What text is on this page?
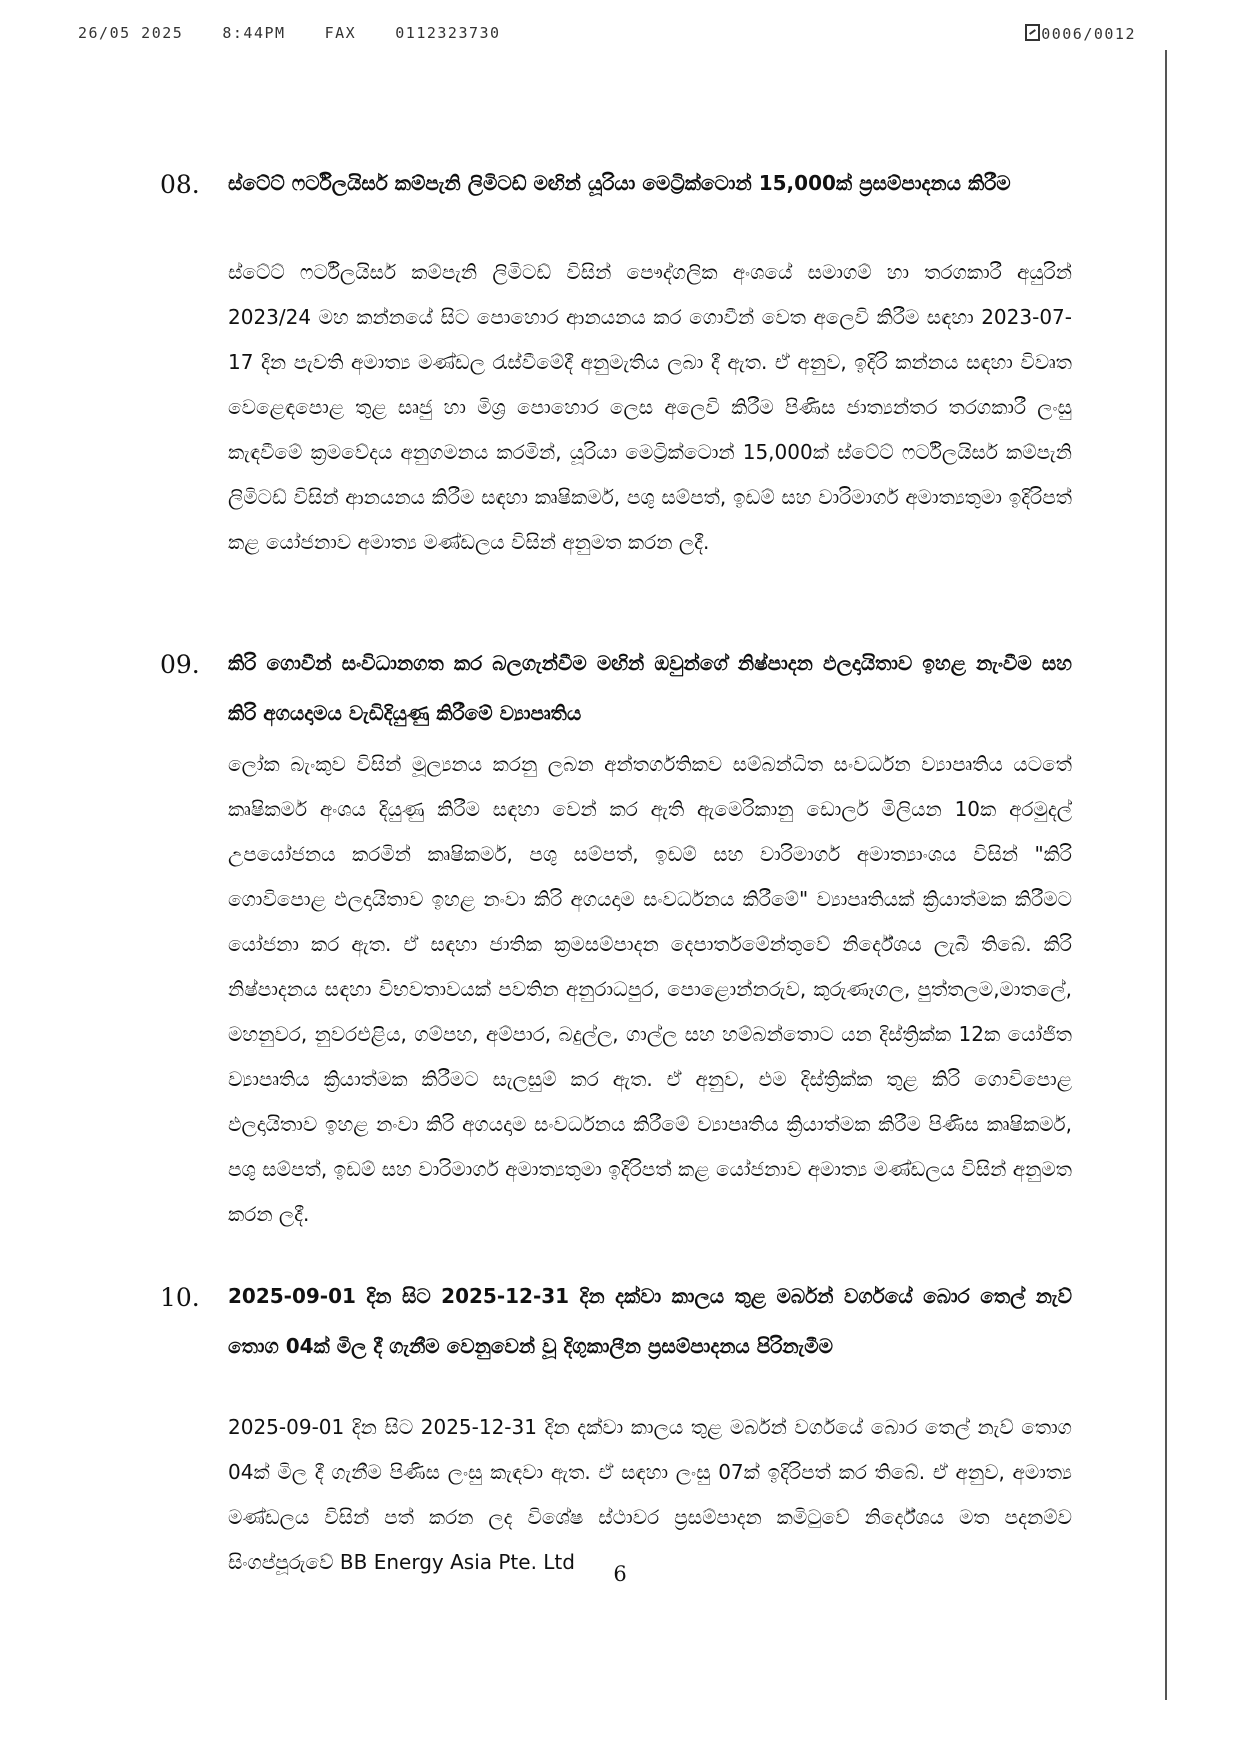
26/05 2025	8:44PM	FAX	0112323730	0006/0012
08. ස්ටේට් ෆර්ටිලයිසර් කම්පැනි ලිමිටඩ් මඟින් යූරියා මෙට්‍රික්ටොන් 15,000ක් ප්‍රසම්පාදනය කිරීම
ස්ටේට් ෆර්ටිලයිසර් කම්පැනි ලිමිටඩ් විසින් පෞද්ගලික අංශයේ සමාගම් හා තරගකාරී අයුරින් 2023/24 මහ කන්නයේ සිට පොහොර ආනයනය කර ගොවීන් වෙත අලෙවි කිරීම සඳහා 2023-07-17 දින පැවති අමාත්‍ය මණ්ඩල රැස්වීමේදී අනුමැතිය ලබා දී ඇත. ඒ අනුව, ඉදිරි කන්නය සඳහා විවෘත වෙළෙඳපොළ තුළ සෘජු හා මිශ්‍ර පොහොර ලෙස අලෙවි කිරීම පිණිස ජාත්‍යන්තර තරගකාරී ලංසු කැඳවීමේ ක්‍රමවේදය අනුගමනය කරමින්, යූරියා මෙට්‍රික්ටොන් 15,000ක් ස්ටේට් ෆර්ටිලයිසර් කම්පැනි ලිමිටඩ් විසින් ආනයනය කිරීම සඳහා කෘෂිකර්ම, පශු සම්පත්, ඉඩම් සහ වාරිමාර්ග අමාත්‍යතුමා ඉදිරිපත් කළ යෝජනාව අමාත්‍ය මණ්ඩලය විසින් අනුමත කරන ලදී.
09. කිරි ගොවීන් සංවිධානගත කර බලගැන්වීම මඟින් ඔවුන්ගේ නිෂ්පාදන ඵලදායිතාව ඉහළ නැංවීම සහ කිරි අගයදාමය වැඩිදියුණු කිරීමේ ව්‍යාපෘතිය
ලෝක බැංකුව විසින් මූල්‍යනය කරනු ලබන අන්තර්ගතිකව සම්බන්ධිත සංවර්ධන ව්‍යාපෘතිය යටතේ කෘෂිකර්ම අංශය දියුණු කිරීම සඳහා වෙන් කර ඇති ඇමෙරිකානු ඩොලර් මිලියන 10ක අරමුදල් උපයෝජනය කරමින් කෘෂිකර්ම, පශු සම්පත්, ඉඩම් සහ වාරිමාර්ග අමාත්‍යාංශය විසින් "කිරි ගොවිපොළ ඵලදායිතාව ඉහළ නංවා කිරි අගයදාම සංවර්ධනය කිරීමේ" ව්‍යාපෘතියක් ක්‍රියාත්මක කිරීමට යෝජනා කර ඇත. ඒ සඳහා ජාතික ක්‍රමසම්පාදන දෙපාර්තමේන්තුවේ නිර්දේශය ලැබී තිබේ. කිරි නිෂ්පාදනය සඳහා විභවතාවයක් පවතින අනුරාධපුර, පොළොන්නරුව, කුරුණෑගල, පුත්තලම,මාතලේ, මහනුවර, නුවරඑළිය, ගම්පහ, අම්පාර, බදුල්ල, ගාල්ල සහ හම්බන්තොට යන දිස්ත්‍රික්ක 12ක යෝජිත ව්‍යාපෘතිය ක්‍රියාත්මක කිරීමට සැලසුම් කර ඇත. ඒ අනුව, එම දිස්ත්‍රික්ක තුළ කිරි ගොවිපොළ ඵලදායිතාව ඉහළ නංවා කිරි අගයදාම සංවර්ධනය කිරීමේ ව්‍යාපෘතිය ක්‍රියාත්මක කිරීම පිණිස කෘෂිකර්ම, පශු සම්පත්, ඉඩම් සහ වාරිමාර්ග අමාත්‍යතුමා ඉදිරිපත් කළ යෝජනාව අමාත්‍ය මණ්ඩලය විසින් අනුමත කරන ලදී.
10. 2025-09-01 දින සිට 2025-12-31 දින දක්වා කාලය තුළ මර්බන් වර්ගයේ බොර තෙල් නැව් තොග 04ක් මිල දී ගැනීම වෙනුවෙන් වූ දිගුකාලීන ප්‍රසම්පාදනය පිරිනැමීම
2025-09-01 දින සිට 2025-12-31 දින දක්වා කාලය තුළ මර්බන් වර්ගයේ බොර තෙල් නැව් තොග 04ක් මිල දී ගැනීම පිණිස ලංසු කැඳවා ඇත. ඒ සඳහා ලංසු 07ක් ඉදිරිපත් කර තිබේ. ඒ අනුව, අමාත්‍ය මණ්ඩලය විසින් පත් කරන ලද විශේෂ ස්ථාවර ප්‍රසම්පාදන කමිටුවේ නිර්දේශය මත පදනම්ව සිංගප්පූරුවේ BB Energy Asia Pte. Ltd	6
